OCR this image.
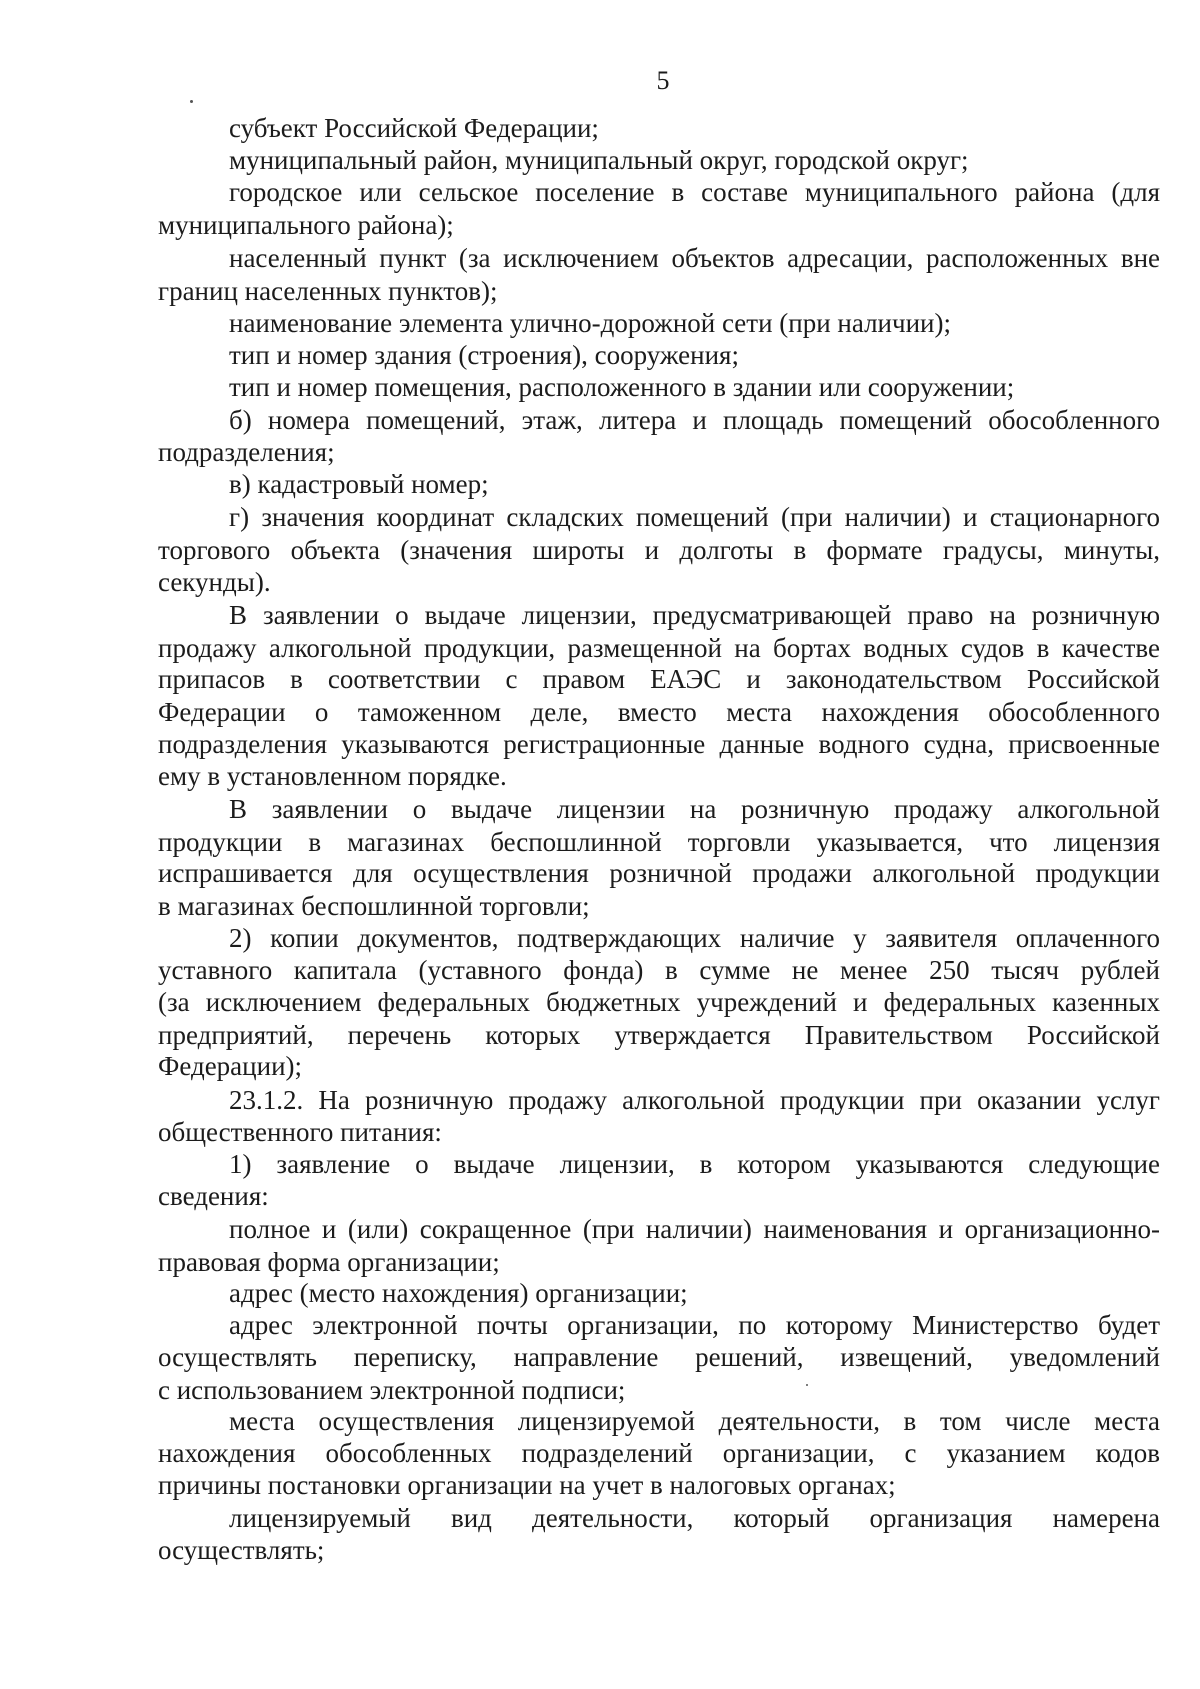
5
субъект Российской Федерации;
муниципальный район, муниципальный округ, городской округ;
городское или сельское поселение в составе муниципального района (для
муниципального района);
населенный пункт (за исключением объектов адресации, расположенных вне
границ населенных пунктов);
наименование элемента улично-дорожной сети (при наличии);
тип и номер здания (строения), сооружения;
тип и номер помещения, расположенного в здании или сооружении;
б) номера помещений, этаж, литера и площадь помещений обособленного
подразделения;
в) кадастровый номер;
г) значения координат складских помещений (при наличии) и стационарного
торгового объекта (значения широты и долготы в формате градусы, минуты,
секунды).
В заявлении о выдаче лицензии, предусматривающей право на розничную
продажу алкогольной продукции, размещенной на бортах водных судов в качестве
припасов в соответствии с правом ЕАЭС и законодательством Российской
Федерации о таможенном деле, вместо места нахождения обособленного
подразделения указываются регистрационные данные водного судна, присвоенные
ему в установленном порядке.
В заявлении о выдаче лицензии на розничную продажу алкогольной
продукции в магазинах беспошлинной торговли указывается, что лицензия
испрашивается для осуществления розничной продажи алкогольной продукции
в магазинах беспошлинной торговли;
2) копии документов, подтверждающих наличие у заявителя оплаченного
уставного капитала (уставного фонда) в сумме не менее 250 тысяч рублей
(за исключением федеральных бюджетных учреждений и федеральных казенных
предприятий, перечень которых утверждается Правительством Российской
Федерации);
23.1.2. На розничную продажу алкогольной продукции при оказании услуг
общественного питания:
1) заявление о выдаче лицензии, в котором указываются следующие
сведения:
полное и (или) сокращенное (при наличии) наименования и организационно-
правовая форма организации;
адрес (место нахождения) организации;
адрес электронной почты организации, по которому Министерство будет
осуществлять переписку, направление решений, извещений, уведомлений
с использованием электронной подписи;
места осуществления лицензируемой деятельности, в том числе места
нахождения обособленных подразделений организации, с указанием кодов
причины постановки организации на учет в налоговых органах;
лицензируемый вид деятельности, который организация намерена
осуществлять;
